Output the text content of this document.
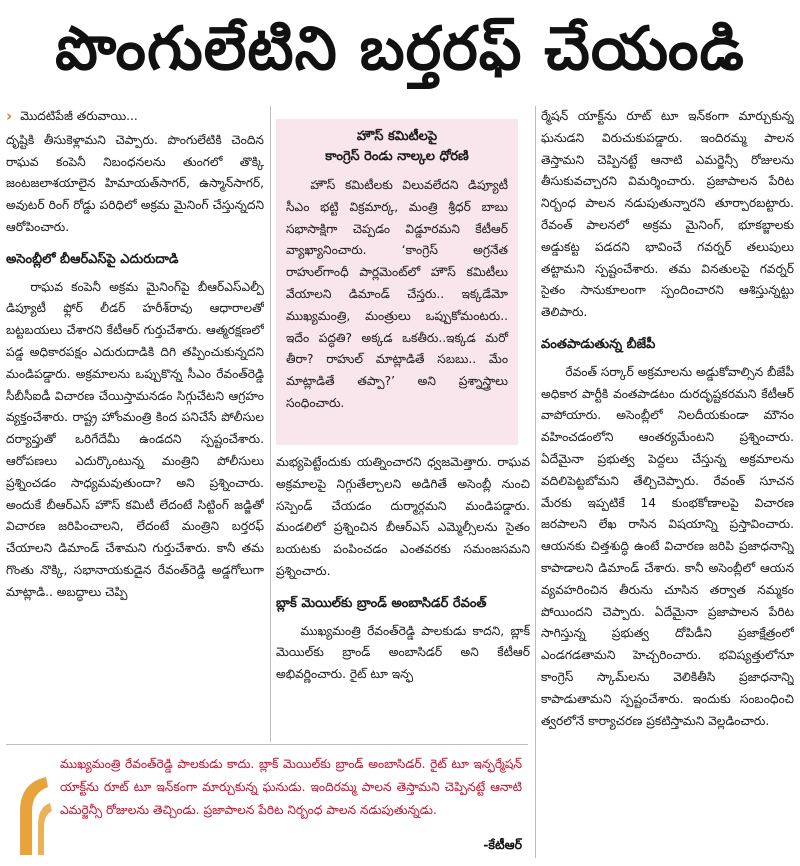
పొంగులేటిని బర్తరఫ్‌ చేయండి
› మొదటిపేజీ తరువాయి...

దృష్టికి తీసుకెళ్లామని చెప్పారు. పొంగులేటికి చెందిన రాఘవ కంపెనీ నిబంధనలను తుంగలో తొక్కి జంటజలాశయాలైన హిమాయత్‌సాగర్‌, ఉస్మాన్‌సాగర్‌, అవుటర్‌ రింగ్‌ రోడ్డు పరిధిలో అక్రమ మైనింగ్‌ చేస్తున్నదని ఆరోపించారు.

అసెంబ్లీలో బీఆర్‌ఎస్‌పై ఎదురుదాడి

రాఘవ కంపెనీ అక్రమ మైనింగ్‌పై బీఆర్‌ఎస్‌ఎల్పీ డిప్యూటీ ఫ్లోర్‌ లీడర్‌ హరీశ్‌రావు ఆధారాలతో బట్టబయలు చేశారని కేటీఆర్‌ గుర్తుచేశారు. ఆత్మరక్షణలో పడ్డ అధికారపక్షం ఎదురుదాడికి దిగి తప్పించుకున్నదని మండిపడ్డారు. అక్రమాలను ఒప్పుకొన్న సీఎం రేవంత్‌రెడ్డి సీబీసీఐడీ విచారణ చేయిస్తామనడం సిగ్గుచేటని ఆగ్రహం వ్యక్తంచేశారు. రాష్ట్ర హోంమంత్రి కింద పనిచేసే పోలీసుల దర్యాప్తుతో ఒరిగేదేమీ ఉండదని స్పష్టంచేశారు. ఆరోపణలు ఎదుర్కొంటున్న మంత్రిని పోలీసులు ప్రశ్నించడం సాధ్యమవుతుందా? అని ప్రశ్నించారు. అందుకే బీఆర్‌ఎస్‌ హౌస్‌ కమిటీ లేదంటే సిట్టింగ్‌ జడ్జితో విచారణ జరిపించాలని, లేదంటే మంత్రిని బర్తరఫ్‌ చేయాలని డిమాండ్‌ చేశామని గుర్తుచేశారు. కానీ తమ గొంతు నొక్కి, సభానాయకుడైన రేవంత్‌రెడ్డి అడ్డగోలుగా మాట్లాడి.. అబద్ధాలు చెప్పి

హౌస్‌ కమిటీలపై
కాంగ్రెస్‌ రెండు నాల్కల ధోరణి
హౌస్‌ కమిటీలకు విలువలేదని డిప్యూటీ సీఎం భట్టి విక్రమార్క, మంత్రి శ్రీధర్‌ బాబు సభాసాక్షిగా చెప్పడం విడ్డూరమని కేటీఆర్‌ వ్యాఖ్యానించారు. ‘కాంగ్రెస్‌ అగ్రనేత రాహుల్‌గాంధీ పార్లమెంట్‌లో హౌస్‌ కమిటీలు వేయాలని డిమాండ్‌ చేస్తరు.. ఇక్కడేమో ముఖ్యమంత్రి, మంత్రులు ఒప్పుకోమంటరు.. ఇదేం పద్ధతి? అక్కడ ఒకతీరు..ఇక్కడ మరో తీరా? రాహుల్‌ మాట్లాడితే సబబు.. మేం మాట్లాడితే తప్పా?’ అని ప్రశ్నాస్త్రాలు సంధించారు.

మభ్యపెట్టేందుకు యత్నించారని ధ్వజమెత్తారు. రాఘవ అక్రమాలపై నిగ్గుతేల్చాలని అడిగితే అసెంబ్లీ నుంచి సస్పెండ్‌ చేయడం దుర్మార్గమని మండిపడ్డారు. మండలిలో ప్రశ్నించిన బీఆర్‌ఎస్‌ ఎమ్మెల్సీలను సైతం బయటకు పంపించడం ఎంతవరకు సమంజసమని ప్రశ్నించారు.

బ్లాక్‌ మెయిల్‌కు బ్రాండ్‌ అంబాసిడర్‌ రేవంత్‌

ముఖ్యమంత్రి రేవంత్‌రెడ్డి పాలకుడు కాదని, బ్లాక్‌ మెయిల్‌కు బ్రాండ్‌ అంబాసిడర్‌ అని కేటీఆర్‌ అభివర్ణించారు. రైట్‌ టూ ఇన్ఫ

ర్మేషన్‌ యాక్ట్‌ను రూట్‌ టూ ఇన్‌కంగా మార్చుకున్న ఘనుడని విరుచుకుపడ్డారు. ఇందిరమ్మ పాలన తెస్తామని చెప్పినట్టే ఆనాటి ఎమర్జెన్సీ రోజులను తీసుకువచ్చారని విమర్శించారు. ప్రజాపాలన పేరిట నిర్బంధ పాలన నడుపుతున్నారని తూర్పారబట్టారు. రేవంత్‌ పాలనలో అక్రమ మైనింగ్‌, భూకబ్జాలకు అడ్డుకట్ట పడదని భావించే గవర్నర్‌ తలుపులు తట్టామని స్పష్టంచేశారు. తమ వినతులపై గవర్నర్‌ సైతం సానుకూలంగా స్పందించారని ఆశిస్తున్నట్టు తెలిపారు.

వంతపాడుతున్న బీజేపీ

రేవంత్‌ సర్కార్‌ అక్రమాలను అడ్డుకోవాల్సిన బీజేపీ అధికార పార్టీకి వంతపాడటం దురదృష్టకరమని కేటీఆర్‌ వాపోయారు. అసెంబ్లీలో నిలదీయకుండా మౌనం వహించడంలోని ఆంతర్యమేంటని ప్రశ్నించారు. ఏదేమైనా ప్రభుత్వ పెద్దలు చేస్తున్న అక్రమాలను వదిలిపెట్టబోమని తేల్చిచెప్పారు. రేవంత్‌ సూచన మేరకు ఇప్పటికే 14 కుంభకోణాలపై విచారణ జరపాలని లేఖ రాసిన విషయాన్ని ప్రస్తావించారు. ఆయనకు చిత్తశుద్ధి ఉంటే విచారణ జరిపి ప్రజాధనాన్ని కాపాడాలని డిమాండ్‌ చేశారు. కానీ అసెంబ్లీలో ఆయన వ్యవహరించిన తీరును చూసిన తర్వాత నమ్మకం పోయిందని చెప్పారు. ఏదేమైనా ప్రజాపాలన పేరిట సాగిస్తున్న ప్రభుత్వ దోపిడీని ప్రజాక్షేత్రంలో ఎండగడతామని హెచ్చరించారు. భవిష్యత్తులోనూ కాంగ్రెస్‌ స్కామ్‌లను వెలికితీసి ప్రజాధనాన్ని కాపాడుతామని స్పష్టంచేశారు. ఇందుకు సంబంధించి త్వరలోనే కార్యాచరణ ప్రకటిస్తామని వెల్లడించారు.

ముఖ్యమంత్రి రేవంత్‌రెడ్డి పాలకుడు కాదు. బ్లాక్‌ మెయిల్‌కు బ్రాండ్‌ అంబాసిడర్‌. రైట్‌ టూ ఇన్ఫర్మేషన్‌ యాక్ట్‌ను రూట్‌ టూ ఇన్‌కంగా మార్చుకున్న ఘనుడు. ఇందిరమ్మ పాలన తెస్తామని చెప్పినట్టే ఆనాటి ఎమర్జెన్సీ రోజులను తెచ్చిండు. ప్రజాపాలన పేరిట నిర్బంధ పాలన నడుపుతున్నడు.
-కేటీఆర్‌
